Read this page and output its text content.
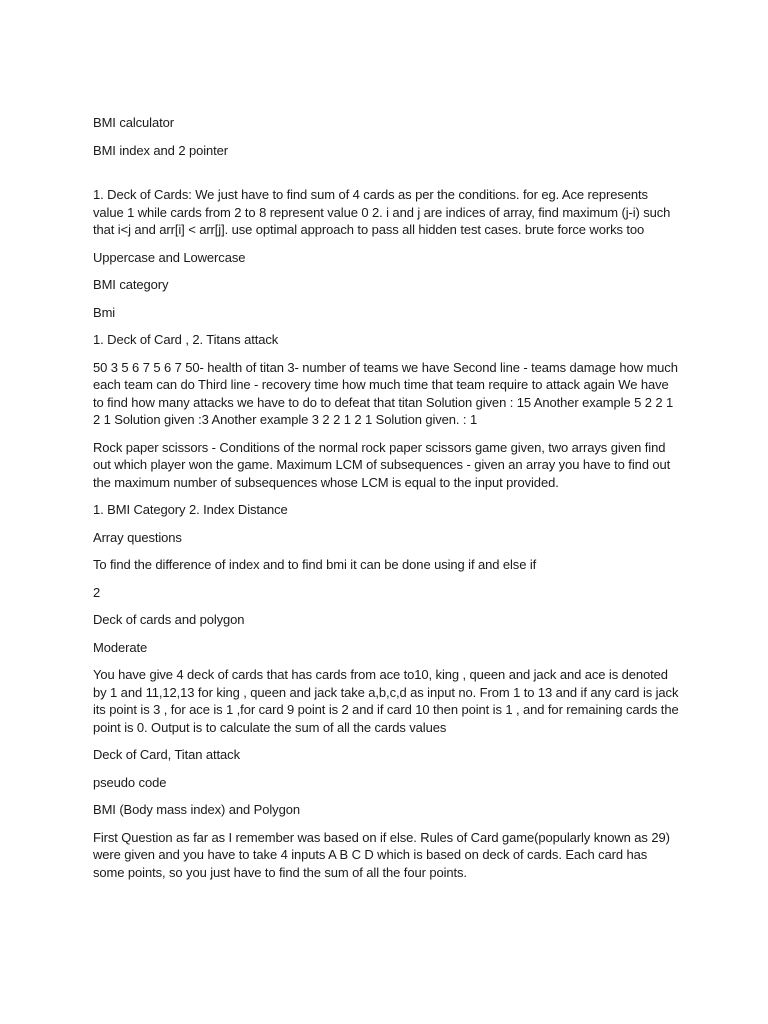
BMI calculator

BMI index and 2 pointer

1. Deck of Cards: We just have to find sum of 4 cards as per the conditions. for eg. Ace represents value 1 while cards from 2 to 8 represent value 0 2. i and j are indices of array, find maximum (j-i) such that i<j and arr[i] < arr[j]. use optimal approach to pass all hidden test cases. brute force works too

Uppercase and Lowercase

BMI category

Bmi

1. Deck of Card , 2. Titans attack

50 3 5 6 7 5 6 7 50- health of titan 3- number of teams we have Second line - teams damage how much each team can do Third line - recovery time how much time that team require to attack again We have to find how many attacks we have to do to defeat that titan Solution given : 15 Another example 5 2 2 1 2 1 Solution given :3 Another example 3 2 2 1 2 1 Solution given. : 1

Rock paper scissors - Conditions of the normal rock paper scissors game given, two arrays given find out which player won the game. Maximum LCM of subsequences - given an array you have to find out the maximum number of subsequences whose LCM is equal to the input provided.

1. BMI Category 2. Index Distance

Array questions

To find the difference of index and to find bmi it can be done using if and else if

2

Deck of cards and polygon

Moderate

You have give 4 deck of cards that has cards from ace to10, king , queen and jack and ace is denoted by 1 and 11,12,13 for king , queen and jack take a,b,c,d as input no. From 1 to 13 and if any card is jack its point is 3 , for ace is 1 ,for card 9 point is 2 and if card 10 then point is 1 , and for remaining cards the point is 0. Output is to calculate the sum of all the cards values

Deck of Card, Titan attack

pseudo code

BMI (Body mass index) and Polygon

First Question as far as I remember was based on if else. Rules of Card game(popularly known as 29) were given and you have to take 4 inputs A B C D which is based on deck of cards. Each card has some points, so you just have to find the sum of all the four points.
